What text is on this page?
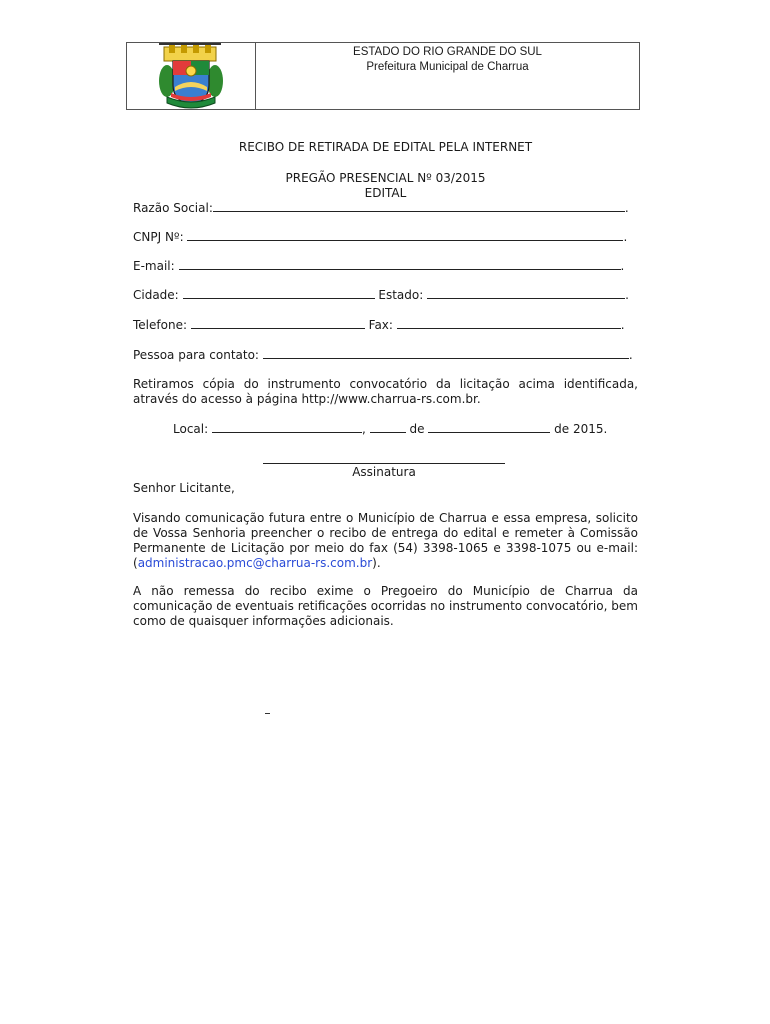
ESTADO DO RIO GRANDE DO SUL
Prefeitura Municipal de Charrua
RECIBO DE RETIRADA DE EDITAL PELA INTERNET
PREGÃO PRESENCIAL Nº 03/2015
EDITAL
Razão Social:	.
CNPJ Nº:	.
E-mail:	.
Cidade:	Estado:	.
Telefone:	Fax:	.
Pessoa para contato:	.
Retiramos cópia do instrumento convocatório da licitação acima identificada, através do acesso à página http://www.charrua-rs.com.br.
Local:	,	de	de 2015.
Assinatura
Senhor Licitante,
Visando comunicação futura entre o Município de Charrua e essa empresa, solicito de Vossa Senhoria preencher o recibo de entrega do edital e remeter à Comissão Permanente de Licitação por meio do fax (54) 3398-1065 e 3398-1075 ou e-mail:(administracao.pmc@charrua-rs.com.br).
A não remessa do recibo exime o Pregoeiro do Município de Charrua da comunicação de eventuais retificações ocorridas no instrumento convocatório, bem como de quaisquer informações adicionais.
